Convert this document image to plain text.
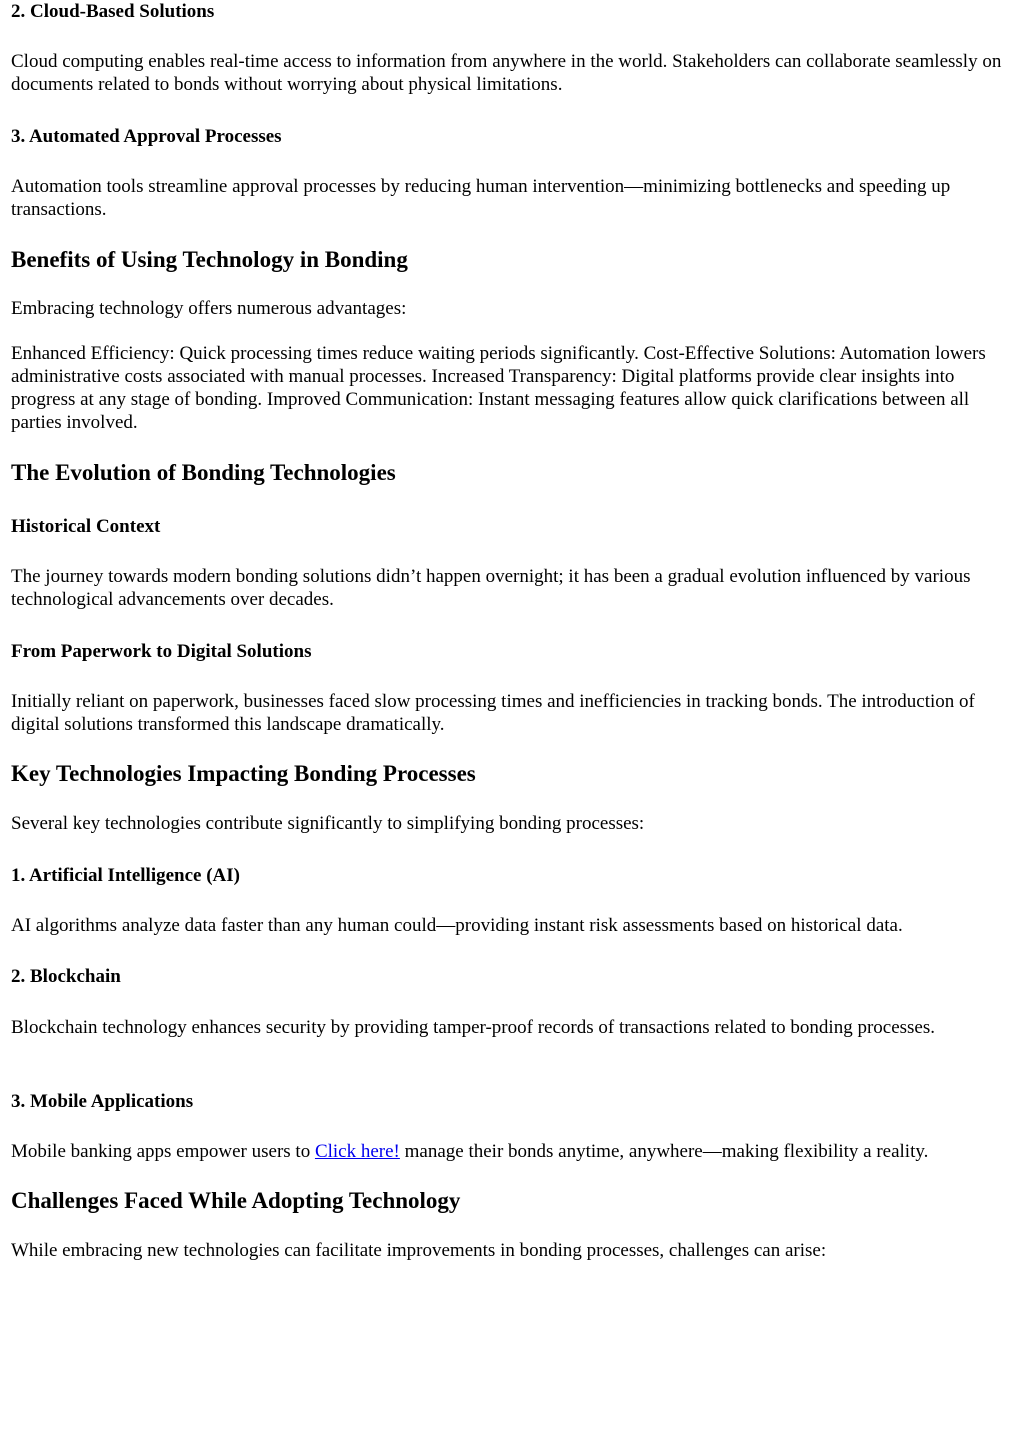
2. Cloud-Based Solutions

Cloud computing enables real-time access to information from anywhere in the world. Stakeholders can collaborate seamlessly on documents related to bonds without worrying about physical limitations.

3. Automated Approval Processes

Automation tools streamline approval processes by reducing human intervention—minimizing bottlenecks and speeding up transactions.

Benefits of Using Technology in Bonding

Embracing technology offers numerous advantages:

Enhanced Efficiency: Quick processing times reduce waiting periods significantly. Cost-Effective Solutions: Automation lowers administrative costs associated with manual processes. Increased Transparency: Digital platforms provide clear insights into progress at any stage of bonding. Improved Communication: Instant messaging features allow quick clarifications between all parties involved.

The Evolution of Bonding Technologies
Historical Context

The journey towards modern bonding solutions didn’t happen overnight; it has been a gradual evolution influenced by various technological advancements over decades.

From Paperwork to Digital Solutions

Initially reliant on paperwork, businesses faced slow processing times and inefficiencies in tracking bonds. The introduction of digital solutions transformed this landscape dramatically.

Key Technologies Impacting Bonding Processes

Several key technologies contribute significantly to simplifying bonding processes:

1. Artificial Intelligence (AI)

AI algorithms analyze data faster than any human could—providing instant risk assessments based on historical data.

2. Blockchain

Blockchain technology enhances security by providing tamper-proof records of transactions related to bonding processes.

3. Mobile Applications

Mobile banking apps empower users to Click here! manage their bonds anytime, anywhere—making flexibility a reality.

Challenges Faced While Adopting Technology

While embracing new technologies can facilitate improvements in bonding processes, challenges can arise:
